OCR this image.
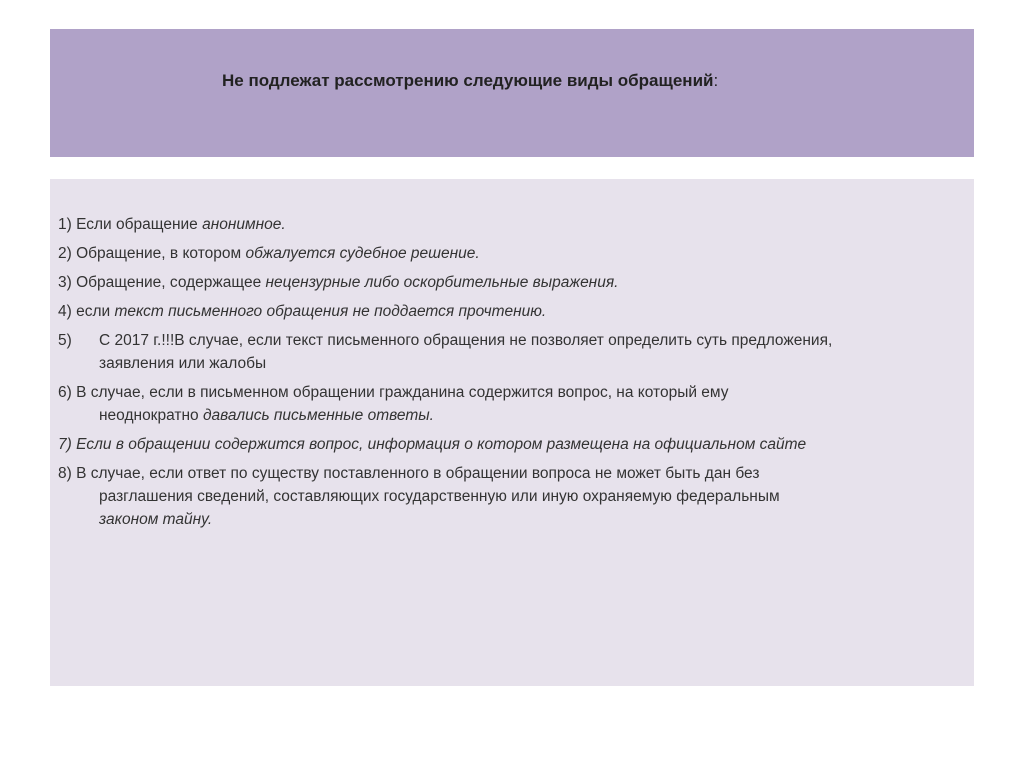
Не подлежат рассмотрению следующие виды обращений:
1) Если обращение анонимное.
2) Обращение, в котором обжалуется судебное решение.
3) Обращение, содержащее нецензурные либо оскорбительные выражения.
4) если текст письменного обращения не поддается прочтению.
5) С 2017 г.!!!В случае, если текст письменного обращения не позволяет определить суть предложения,
заявления или жалобы
6) В случае, если в письменном обращении гражданина содержится вопрос, на который ему
неоднократно давались письменные ответы.
7) Если в обращении содержится вопрос, информация о котором размещена на официальном сайте
8) В случае, если ответ по существу поставленного в обращении вопроса не может быть дан без
разглашения сведений, составляющих государственную или иную охраняемую федеральным
законом тайну.
